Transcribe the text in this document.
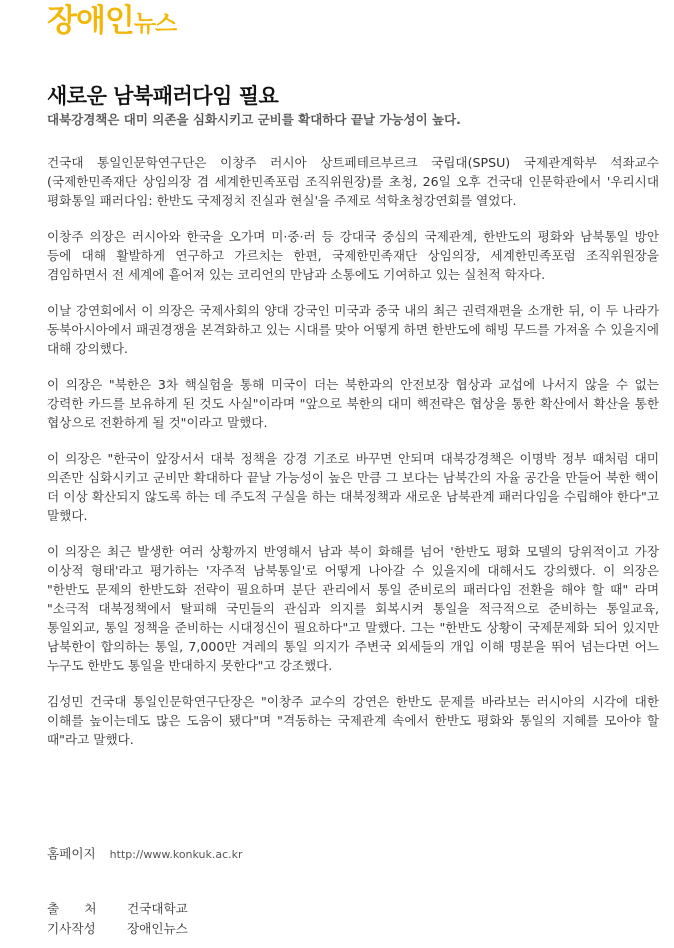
장애인뉴스
새로운 남북패러다임 필요

대북강경책은 대미 의존을 심화시키고 군비를 확대하다 끝날 가능성이 높다.

건국대 통일인문학연구단은 이창주 러시아 상트페테르부르크 국립대(SPSU) 국제관계학부 석좌교수(국제한민족재단 상임의장 겸 세계한민족포럼 조직위원장)를 초청, 26일 오후 건국대 인문학관에서 '우리시대 평화통일 패러다임: 한반도 국제정치 진실과 현실'을 주제로 석학초청강연회를 열었다.

이창주 의장은 러시아와 한국을 오가며 미·중·러 등 강대국 중심의 국제관계, 한반도의 평화와 남북통일 방안 등에 대해 활발하게 연구하고 가르치는 한편, 국제한민족재단 상임의장, 세계한민족포럼 조직위원장을 겸임하면서 전 세계에 흩어져 있는 코리언의 만남과 소통에도 기여하고 있는 실천적 학자다.

이날 강연회에서 이 의장은 국제사회의 양대 강국인 미국과 중국 내의 최근 권력재편을 소개한 뒤, 이 두 나라가 동북아시아에서 패권경쟁을 본격화하고 있는 시대를 맞아 어떻게 하면 한반도에 해빙 무드를 가져올 수 있을지에 대해 강의했다.

이 의장은 "북한은 3차 핵실험을 통해 미국이 더는 북한과의 안전보장 협상과 교섭에 나서지 않을 수 없는 강력한 카드를 보유하게 된 것도 사실"이라며 "앞으로 북한의 대미 핵전략은 협상을 통한 확산에서 확산을 통한 협상으로 전환하게 될 것"이라고 말했다.

이 의장은 "한국이 앞장서서 대북 정책을 강경 기조로 바꾸면 안되며 대북강경책은 이명박 정부 때처럼 대미 의존만 심화시키고 군비만 확대하다 끝날 가능성이 높은 만큼 그 보다는 남북간의 자율 공간을 만들어 북한 핵이 더 이상 확산되지 않도록 하는 데 주도적 구실을 하는 대북정책과 새로운 남북관계 패러다임을 수립해야 한다"고 말했다.

이 의장은 최근 발생한 여러 상황까지 반영해서 남과 북이 화해를 넘어 '한반도 평화 모델의 당위적이고 가장 이상적 형태'라고 평가하는 '자주적 남북통일'로 어떻게 나아갈 수 있을지에 대해서도 강의했다. 이 의장은 "한반도 문제의 한반도화 전략이 필요하며 분단 관리에서 통일 준비로의 패러다임 전환을 해야 할 때" 라며 "소극적 대북정책에서 탈피해 국민들의 관심과 의지를 회복시켜 통일을 적극적으로 준비하는 통일교육, 통일외교, 통일 정책을 준비하는 시대정신이 필요하다"고 말했다. 그는 "한반도 상황이 국제문제화 되어 있지만 남북한이 합의하는 통일, 7,000만 겨레의 통일 의지가 주변국 외세들의 개입 이해 명분을 뛰어 넘는다면 어느 누구도 한반도 통일을 반대하지 못한다"고 강조했다.

김성민 건국대 통일인문학연구단장은 "이창주 교수의 강연은 한반도 문제를 바라보는 러시아의 시각에 대한 이해를 높이는데도 많은 도움이 됐다"며 "격동하는 국제관계 속에서 한반도 평화와 통일의 지혜를 모아야 할 때"라고 말했다.

홈페이지 http://www.konkuk.ac.kr
출　　처 건국대학교
기사작성 장애인뉴스
